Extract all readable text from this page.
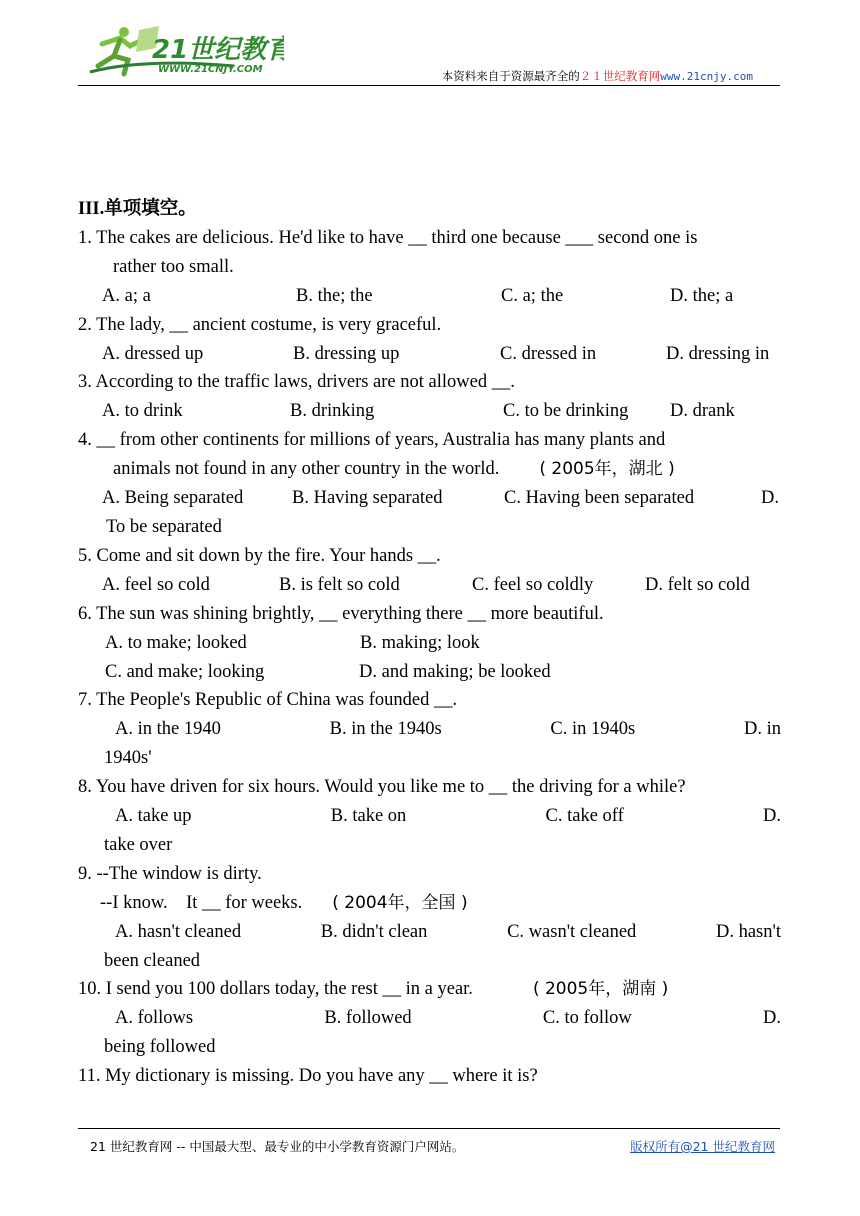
21世纪教育
WWW.21CNJY.COM	本资料来自于资源最齐全的２１世纪教育网www.21cnjy.com
III.单项填空。
1. The cakes are delicious. He'd like to have __ third one because ___ second one is
rather too small.
A. a; a	B. the; the	C. a; the	D. the; a
2. The lady, __ ancient costume, is very graceful.
A. dressed up	B. dressing up	C. dressed in	D. dressing in
3. According to the traffic laws, drivers are not allowed __.
A. to drink	B. drinking	C. to be drinking	D. drank
4. __ from other continents for millions of years, Australia has many plants and
animals not found in any other country in the world. ( 2005年，湖北 )
A. Being separated	B. Having separated	C. Having been separated	D.
To be separated
5. Come and sit down by the fire. Your hands __.
A. feel so cold	B. is felt so cold	C. feel so coldly	D. felt so cold
6. The sun was shining brightly, __ everything there __ more beautiful.
A. to make; looked	B. making; look
C. and make; looking	D. and making; be looked
7. The People's Republic of China was founded __.
A. in the 1940	B. in the 1940s	C. in 1940s	D. in
1940s'
8. You have driven for six hours. Would you like me to __ the driving for a while?
A. take up	B. take on	C. take off	D.
take over
9. --The window is dirty.
--I know.    It __ for weeks. ( 2004年，全国 )
A. hasn't cleaned	B. didn't clean	C. wasn't cleaned	D. hasn't
been cleaned
10. I send you 100 dollars today, the rest __ in a year.	( 2005年，湖南 )
A. follows	B. followed	C. to follow	D.
being followed
11. My dictionary is missing. Do you have any __ where it is?
21 世纪教育网 -- 中国最大型、最专业的中小学教育资源门户网站。	版权所有@21 世纪教育网
